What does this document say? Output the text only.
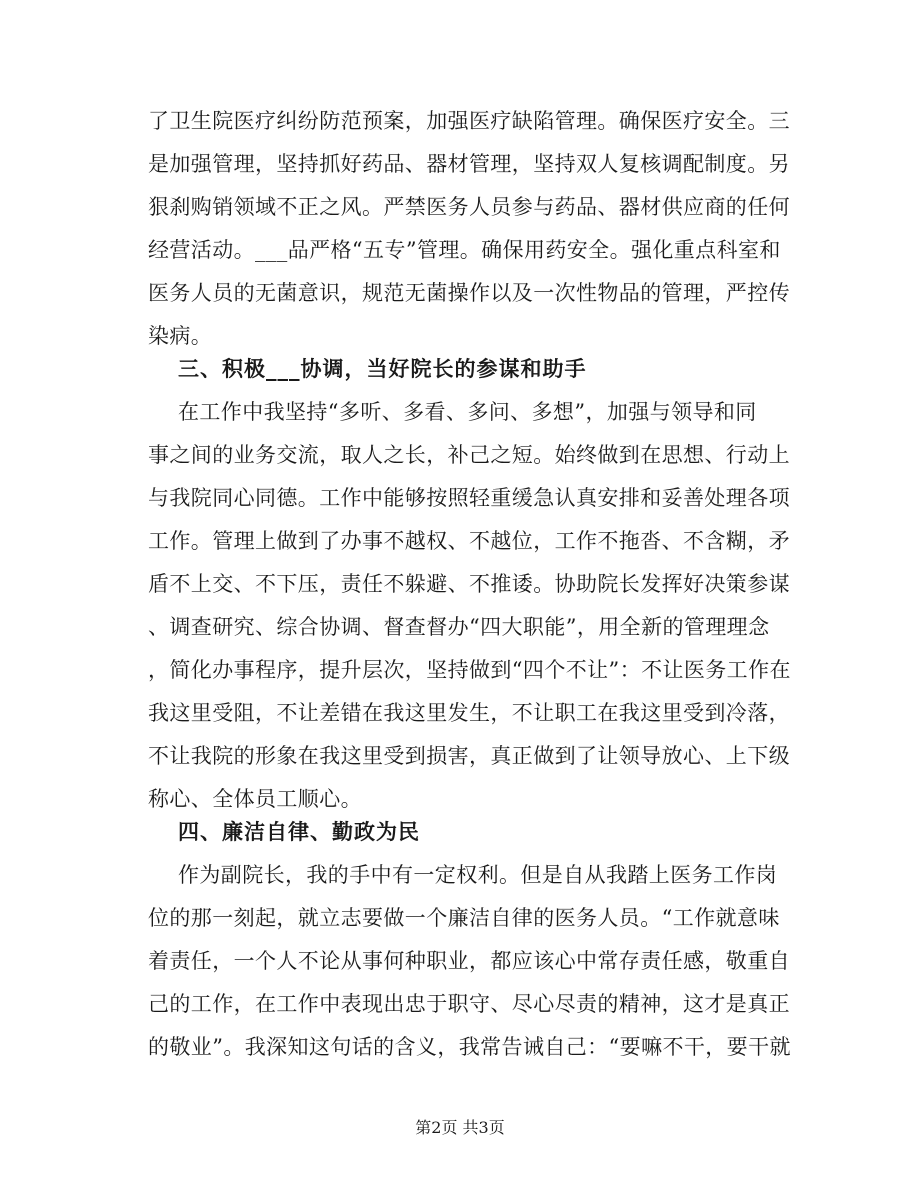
了卫生院医疗纠纷防范预案，加强医疗缺陷管理。确保医疗安全。三
是加强管理，坚持抓好药品、器材管理，坚持双人复核调配制度。另
狠刹购销领域不正之风。严禁医务人员参与药品、器材供应商的任何
经营活动。___品严格“五专”管理。确保用药安全。强化重点科室和
医务人员的无菌意识，规范无菌操作以及一次性物品的管理，严控传
染病。
三、积极___协调，当好院长的参谋和助手
在工作中我坚持“多听、多看、多问、多想”，加强与领导和同
事之间的业务交流，取人之长，补己之短。始终做到在思想、行动上
与我院同心同德。工作中能够按照轻重缓急认真安排和妥善处理各项
工作。管理上做到了办事不越权、不越位，工作不拖沓、不含糊，矛
盾不上交、不下压，责任不躲避、不推诿。协助院长发挥好决策参谋
、调查研究、综合协调、督查督办“四大职能”，用全新的管理理念
，简化办事程序，提升层次，坚持做到“四个不让”：不让医务工作在
我这里受阻，不让差错在我这里发生，不让职工在我这里受到冷落，
不让我院的形象在我这里受到损害，真正做到了让领导放心、上下级
称心、全体员工顺心。
四、廉洁自律、勤政为民
作为副院长，我的手中有一定权利。但是自从我踏上医务工作岗
位的那一刻起，就立志要做一个廉洁自律的医务人员。“工作就意味
着责任，一个人不论从事何种职业，都应该心中常存责任感，敬重自
己的工作，在工作中表现出忠于职守、尽心尽责的精神，这才是真正
的敬业”。我深知这句话的含义，我常告诫自己：“要嘛不干，要干就
第2页 共3页
